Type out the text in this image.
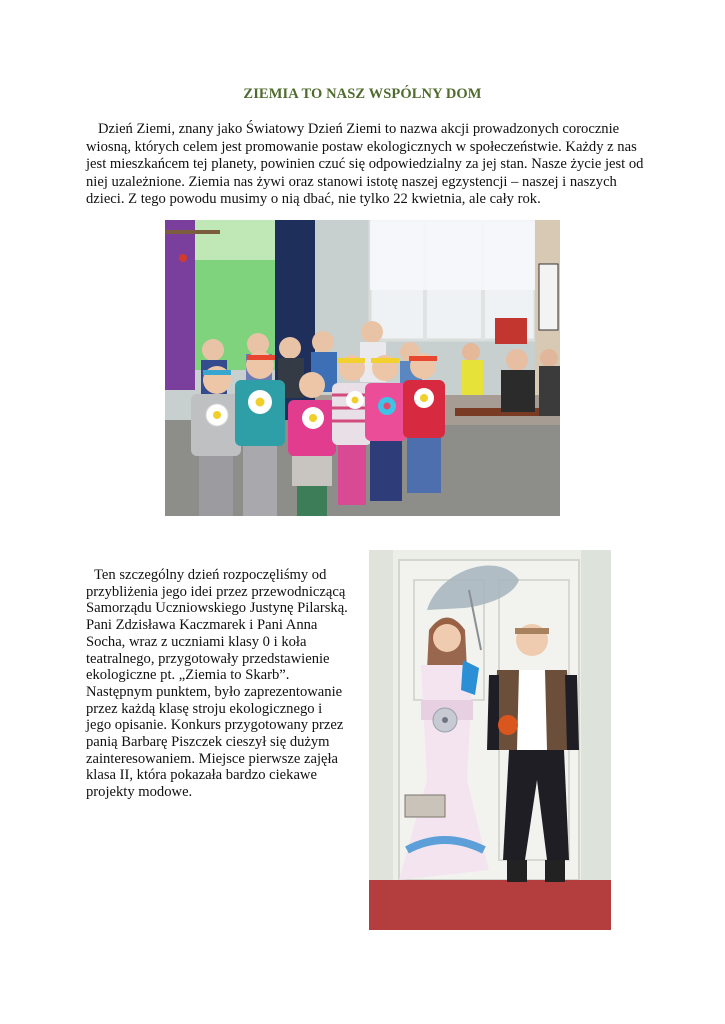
ZIEMIA TO NASZ WSPÓLNY DOM

Dzień Ziemi, znany jako Światowy Dzień Ziemi to nazwa akcji prowadzonych corocznie wiosną, których celem jest promowanie postaw ekologicznych w społeczeństwie. Każdy z nas jest mieszkańcem tej planety, powinien czuć się odpowiedzialny za jej stan. Nasze życie jest od niej uzależnione. Ziemia nas żywi oraz stanowi istotę naszej egzystencji – naszej i naszych dzieci. Z tego powodu musimy o nią dbać, nie tylko 22 kwietnia, ale cały rok.

Ten szczególny dzień rozpoczęliśmy od przybliżenia jego idei przez przewodniczącą Samorządu Uczniowskiego Justynę Pilarską. Pani Zdzisława Kaczmarek i Pani Anna Socha, wraz z uczniami klasy 0 i koła teatralnego, przygotowały przedstawienie ekologiczne pt. „Ziemia to Skarb”. Następnym punktem, było zaprezentowanie przez każdą klasę stroju ekologicznego i jego opisanie. Konkurs przygotowany przez panią Barbarę Piszczek cieszył się dużym zainteresowaniem. Miejsce pierwsze zajęła klasa II, która pokazała bardzo ciekawe projekty modowe.
